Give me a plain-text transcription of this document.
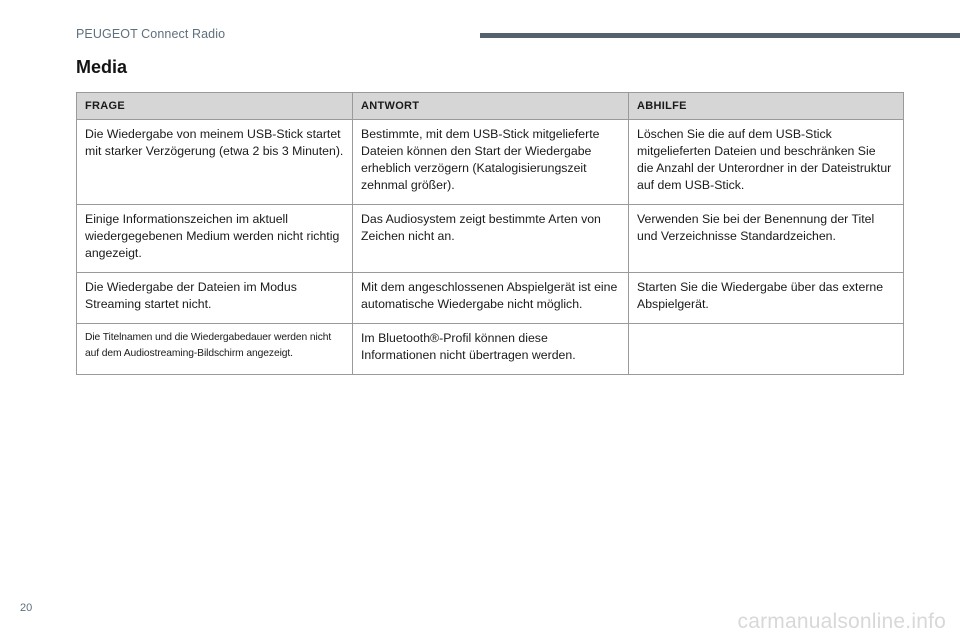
PEUGEOT Connect Radio
Media
FRAGE	ANTWORT	ABHILFE
Die Wiedergabe von meinem USB-Stick startet mit starker Verzögerung (etwa 2 bis 3 Minuten).	Bestimmte, mit dem USB-Stick mitgelieferte Dateien können den Start der Wiedergabe erheblich verzögern (Katalogisierungszeit zehnmal größer).	Löschen Sie die auf dem USB-Stick mitgelieferten Dateien und beschränken Sie die Anzahl der Unterordner in der Dateistruktur auf dem USB-Stick.
Einige Informationszeichen im aktuell wiedergegebenen Medium werden nicht richtig angezeigt.	Das Audiosystem zeigt bestimmte Arten von Zeichen nicht an.	Verwenden Sie bei der Benennung der Titel und Verzeichnisse Standardzeichen.
Die Wiedergabe der Dateien im Modus Streaming startet nicht.	Mit dem angeschlossenen Abspielgerät ist eine automatische Wiedergabe nicht möglich.	Starten Sie die Wiedergabe über das externe Abspielgerät.
Die Titelnamen und die Wiedergabedauer werden nicht auf dem Audiostreaming-Bildschirm angezeigt.	Im Bluetooth®-Profil können diese Informationen nicht übertragen werden.	
20
carmanualsonline.info
